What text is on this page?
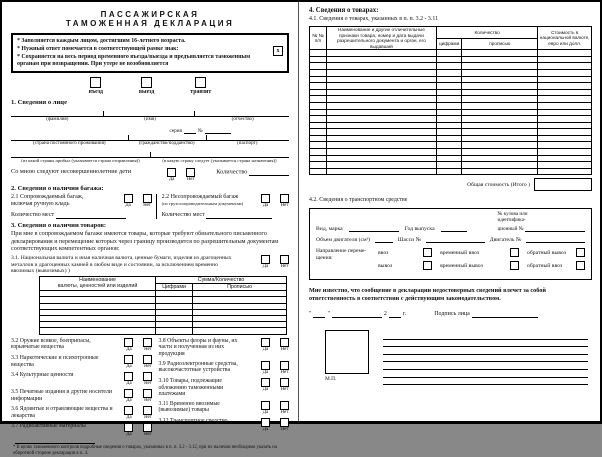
ПАССАЖИРСКАЯ
ТАМОЖЕННАЯ ДЕКЛАРАЦИЯ
* Заполняется каждым лицом, достигшим 16-летнего возраста.
x
* Нужный ответ помечается в соответствующей рамке знак:
* Сохраняется на весь период временного въезда/выезда и предъявляется таможенным органам при возвращении. При утере не возобновляется
въезд	выезд	транзит
1. Сведения о лице
(фамилия)	(имя)	(отчество)
серия	№
(страна постоянного проживания)	(гражданство/подданство)	(паспорт)
(из какой страны прибыл (указывается страна отправления))	(в какую страну следует (указывается страна назначения))
Со мною следуют несовершеннолетние дети
Да	Нет
Количество
2. Сведения о наличии багажа:
2.1 Сопровождаемый багаж,
включая ручную кладь	Да	Нет
Количество мест
2.2 Несопровождаемый багаж
(по грузосопроводительным документам)	Да	Нет
Количество мест
3. Сведения о наличии товаров:
При мне в сопровождаемом багаже имеются товары, которые требуют обязательного письменного декларирования и перемещение которых через границу производится по разрешительным документам соответствующих компетентных органов:
3.1. Национальная валюта и иная наличная валюта, ценные бумаги, изделия из драгоценных металлов и драгоценных камней в любом виде и состоянии, за исключением временно ввозимых (вывозимых) )
Да	Нет
Наименование
валюты, ценностей или изделий	Сумма/Количество	
	Цифрами	Прописью

3.2 Оружие всякое, боеприпасы, взрывчатые вещества	Да	Нет
3.3 Наркотические и психотропные вещества	Да	Нет
3.4 Культурные ценности
Да	Нет
3.5 Печатные издания и другие носители информации	Да	Нет
3.6 Ядовитые и отравляющие вещества и лекарства	Да	Нет
3.7 Радиоактивные материалы
Да	Нет
3.8 Объекты флоры и фауны, их части и полученная из них продукция
Да	Нет
3.9 Радиоэлектронные средства, высокочастотные устройства	Да	Нет
3.10 Товары, подлежащие обложению таможенными платежами
Да	Нет
3.11 Временно ввозимые (вывозимые) товары	Да	Нет
3.12 Транспортное средство
Да	Нет
* В целях таможенного контроля подробные сведения о товарах, указанных в п. п. 3.2 - 3.12, при их наличии необходимо указать на оборотной стороне декларации в п. 4.
4. Сведения о товарах:
4.1. Сведения о товарах, указанных в п. п. 3.2 - 3.11
№ №
п/п	Наименование и другие отличительные признаки товара, номер и дата выдачи разрешительного документа и орган, его выдавший	Количество		Стоимость в национальной валюте, евро или долл.
		цифрами	прописью	

Общая стоимость (Итого )
4.2. Сведения о транспортном средстве
Вид, марка	Год выпуска
№ кузова или
идентифика-
ционный №
Объем двигателя (см³)	Шасси №	Двигатель №
Направление переме-
щения:
ввоз	временный ввоз	обратный вывоз
вывоз	временный вывоз	обратный ввоз
Мне известно, что сообщение в декларации недостоверных сведений влечет за собой ответственность в соответствии с действующим законодательством.
"	"	2	г.	Подпись лица
М.П.
